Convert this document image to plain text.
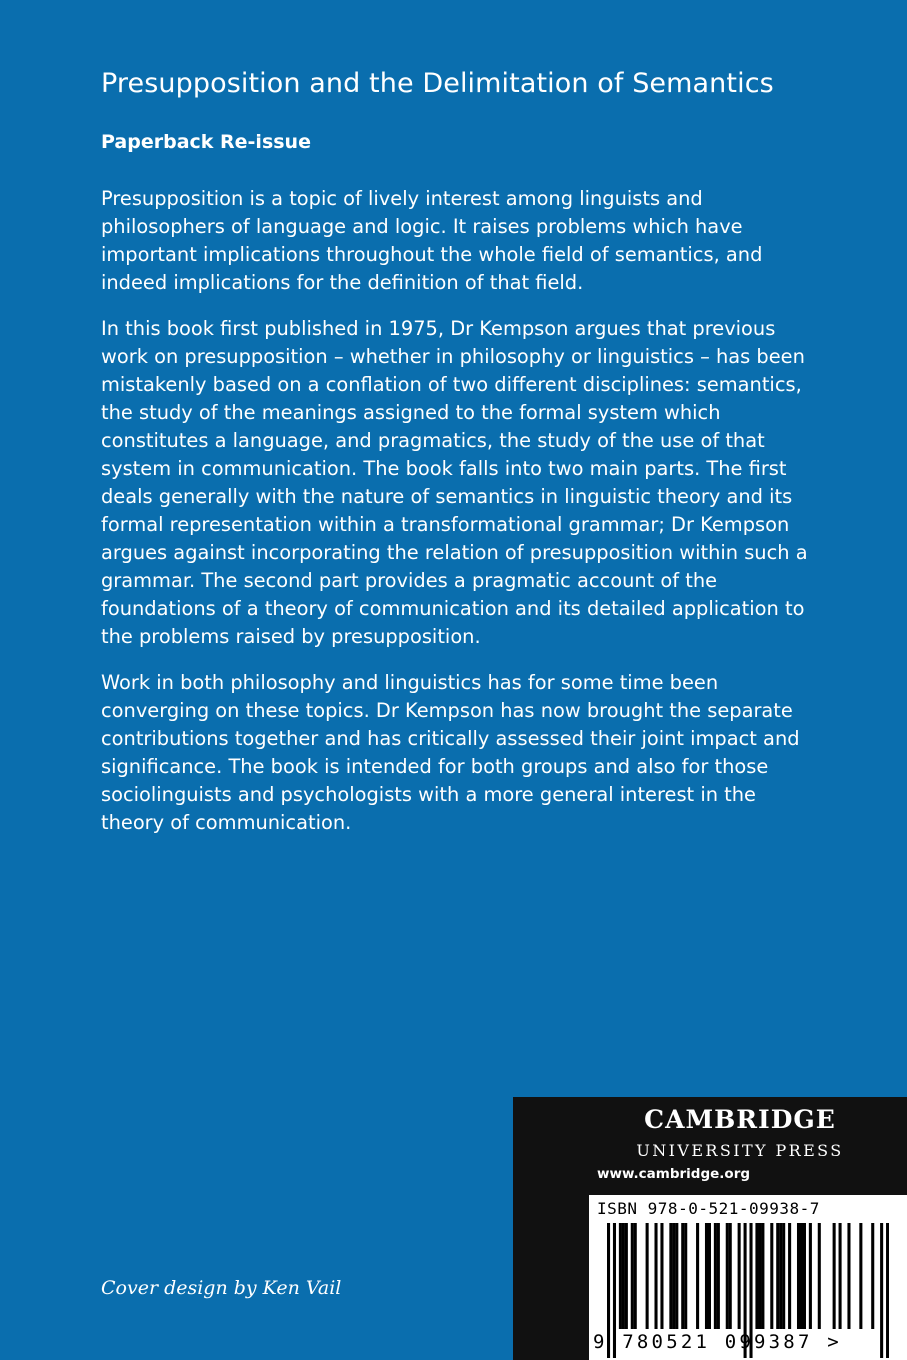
Presupposition and the Delimitation of Semantics
Paperback Re-issue

Presupposition is a topic of lively interest among linguists and philosophers of language and logic. It raises problems which have important implications throughout the whole field of semantics, and indeed implications for the definition of that field.

In this book first published in 1975, Dr Kempson argues that previous work on presupposition – whether in philosophy or linguistics – has been mistakenly based on a conflation of two different disciplines: semantics, the study of the meanings assigned to the formal system which constitutes a language, and pragmatics, the study of the use of that system in communication. The book falls into two main parts. The first deals generally with the nature of semantics in linguistic theory and its formal representation within a transformational grammar; Dr Kempson argues against incorporating the relation of presupposition within such a grammar. The second part provides a pragmatic account of the foundations of a theory of communication and its detailed application to the problems raised by presupposition.

Work in both philosophy and linguistics has for some time been converging on these topics. Dr Kempson has now brought the separate contributions together and has critically assessed their joint impact and significance. The book is intended for both groups and also for those sociolinguists and psychologists with a more general interest in the theory of communication.

Cover design by Ken Vail
CAMBRIDGE
UNIVERSITY PRESS
www.cambridge.org
ISBN 978-0-521-09938-7
9 780521 099387 >
